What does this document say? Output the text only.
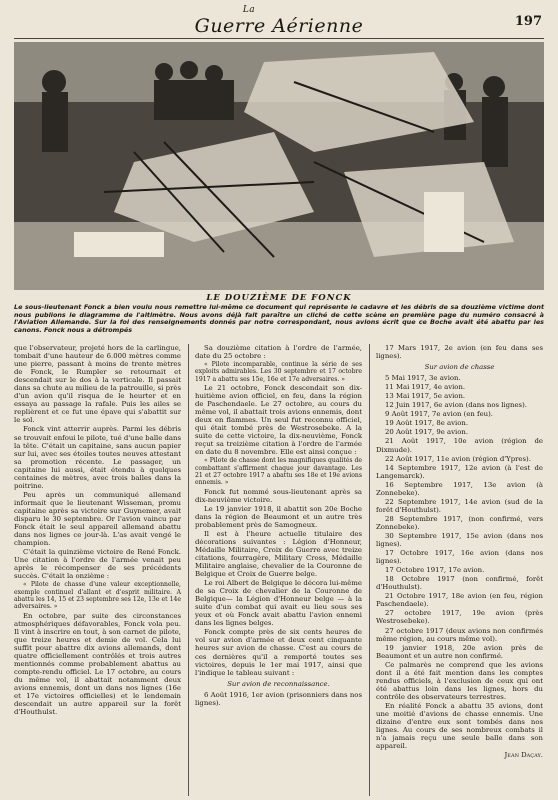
La
Guerre Aérienne	197
LE DOUZIÈME DE FONCK
Le sous-lieutenant Fonck a bien voulu nous remettre lui-même ce document qui représente le cadavre et les débris de sa douzième victime dont nous publions le diagramme de l'altimètre. Nous avons déjà fait paraître un cliché de cette scène en première page du numéro consacré à l'Aviation Allemande. Sur la foi des renseignements donnés par notre correspondant, nous avions écrit que ce Boche avait été abattu par les canons. Fonck nous a détrompés

que l'observateur, projeté hors de la carlingue, tombait d'une hauteur de 6.000 mètres comme une pierre, passant à moins de trente mètres de Fonck, le Rumpler se retournait et descendait sur le dos à la verticale. Il passait dans sa chute au milieu de la patrouille, si près d'un avion qu'il risqua de le heurter et en essaya au passage la rafale. Puis les ailes se replièrent et ce fut une épave qui s'abattit sur le sol.

Fonck vint atterrir auprès. Parmi les débris se trouvait enfoui le pilote, tué d'une balle dans la tête. C'était un capitaine, sans aucun papier sur lui, avec ses étoiles toutes neuves attestant sa promotion récente. Le passager, un capitaine lui aussi, était étendu à quelques centaines de mètres, avec trois balles dans la poitrine.

Peu après un communiqué allemand informait que le lieutenant Wisseman, promu capitaine après sa victoire sur Guynemer, avait disparu le 30 septembre. Or l'avion vaincu par Fonck était le seul appareil allemand abattu dans nos lignes ce jour-là. L'as avait vengé le champion.

C'était la quinzième victoire de René Fonck. Une citation à l'ordre de l'armée venait peu après le récompenser de ses précédents succès. C'était la onzième :

« Pilote de chasse d'une valeur exceptionnelle, exemple continuel d'allant et d'esprit militaire. A abattu les 14, 15 et 23 septembre ses 12e, 13e et 14e adversaires. »

En octobre, par suite des circonstances atmosphériques défavorables, Fonck vola peu. Il vint à inscrire en tout, à son carnet de pilote, que treize heures et demie de vol. Cela lui suffit pour abattre dix avions allemands, dont quatre officiellement contrôlés et trois autres mentionnés comme probablement abattus au compte-rendu officiel. Le 17 octobre, au cours du même vol, il abattait notamment deux avions ennemis, dont un dans nos lignes (16e et 17e victoires officielles) et le lendemain descendait un autre appareil sur la forêt d'Houthulst.

Sa douzième citation à l'ordre de l'armée, date du 25 octobre :

« Pilote incomparable, continue la série de ses exploits admirables. Les 30 septembre et 17 octobre 1917 a abattu ses 15e, 16e et 17e adversaires. »

Le 21 octobre, Fonck descendait son dix-huitième avion officiel, en feu, dans la région de Paschendaele. Le 27 octobre, au cours du même vol, il abattait trois avions ennemis, dont deux en flammes. Un seul fut reconnu officiel, qui était tombé près de Westrosebeke. A la suite de cette victoire, la dix-neuvième, Fonck reçut sa treizième citation à l'ordre de l'armée en date du 8 novembre. Elle est ainsi conçue :

« Pilote de chasse dont les magnifiques qualités de combattant s'affirment chaque jour davantage. Les 21 et 27 octobre 1917 a abattu ses 18e et 19e avions ennemis. »

Fonck fut nommé sous-lieutenant après sa dix-neuvième victoire.

Le 19 janvier 1918, il abattit son 20e Boche dans la région de Beaumont et un autre très probablement près de Samogneux.

Il est à l'heure actuelle titulaire des décorations suivantes : Légion d'Honneur, Médaille Militaire, Croix de Guerre avec treize citations, fourragère, Military Cross, Médaille Militaire anglaise, chevalier de la Couronne de Belgique et Croix de Guerre belge.

Le roi Albert de Belgique le décora lui-même de sa Croix de chevalier de la Couronne de Belgique— la Légion d'Honneur belge — à la suite d'un combat qui avait eu lieu sous ses yeux et où Fonck avait abattu l'avion ennemi dans les lignes belges.

Fonck compte près de six cents heures de vol sur avion d'armée et deux cent cinquante heures sur avion de chasse. C'est au cours de ces dernières qu'il a remporté toutes ses victoires, depuis le 1er mai 1917, ainsi que l'indique le tableau suivant :

Sur avion de reconnaissance.

6 Août 1916, 1er avion (prisonniers dans nos lignes).

17 Mars 1917, 2e avion (en feu dans ses lignes).

Sur avion de chasse

5 Mai 1917, 3e avion.

11 Mai 1917, 4e avion.

13 Mai 1917, 5e avion.

12 Juin 1917, 6e avion (dans nos lignes).

9 Août 1917, 7e avion (en feu).

19 Août 1917, 8e avion.

20 Août 1917, 9e avion.

21 Août 1917, 10e avion (région de Dixmude).

22 Août 1917, 11e avion (région d'Ypres).

14 Septembre 1917, 12e avion (à l'est de Langemarck).

16 Septembre 1917, 13e avion (à Zonnebeke).

22 Septembre 1917, 14e avion (sud de la forêt d'Houthulst).

28 Septembre 1917, (non confirmé, vers Zonnebeke).

30 Septembre 1917, 15e avion (dans nos lignes).

17 Octobre 1917, 16e avion (dans nos lignes).

17 Octobre 1917, 17e avion.

18 Octobre 1917 (non confirmé, forêt d'Houthulst).

21 Octobre 1917, 18e avion (en feu, région Paschendaele).

27 octobre 1917, 19e avion (près Westrosebeke).

27 octobre 1917 (deux avions non confirmés même région, au cours même vol).

19 janvier 1918, 20e avion près de Beaumont et un autre non confirmé.

Ce palmarès ne comprend que les avions dont il a été fait mention dans les comptes rendus officiels, à l'exclusion de ceux qui ont été abattus loin dans les lignes, hors du contrôle des observateurs terrestres.

En réalité Fonck a abattu 35 avions, dont une moitié d'avions de chasse ennemis. Une dizaine d'entre eux sont tombés dans nos lignes. Au cours de ses nombreux combats il n'a jamais reçu une seule balle dans son appareil.

Jean Daçay.
